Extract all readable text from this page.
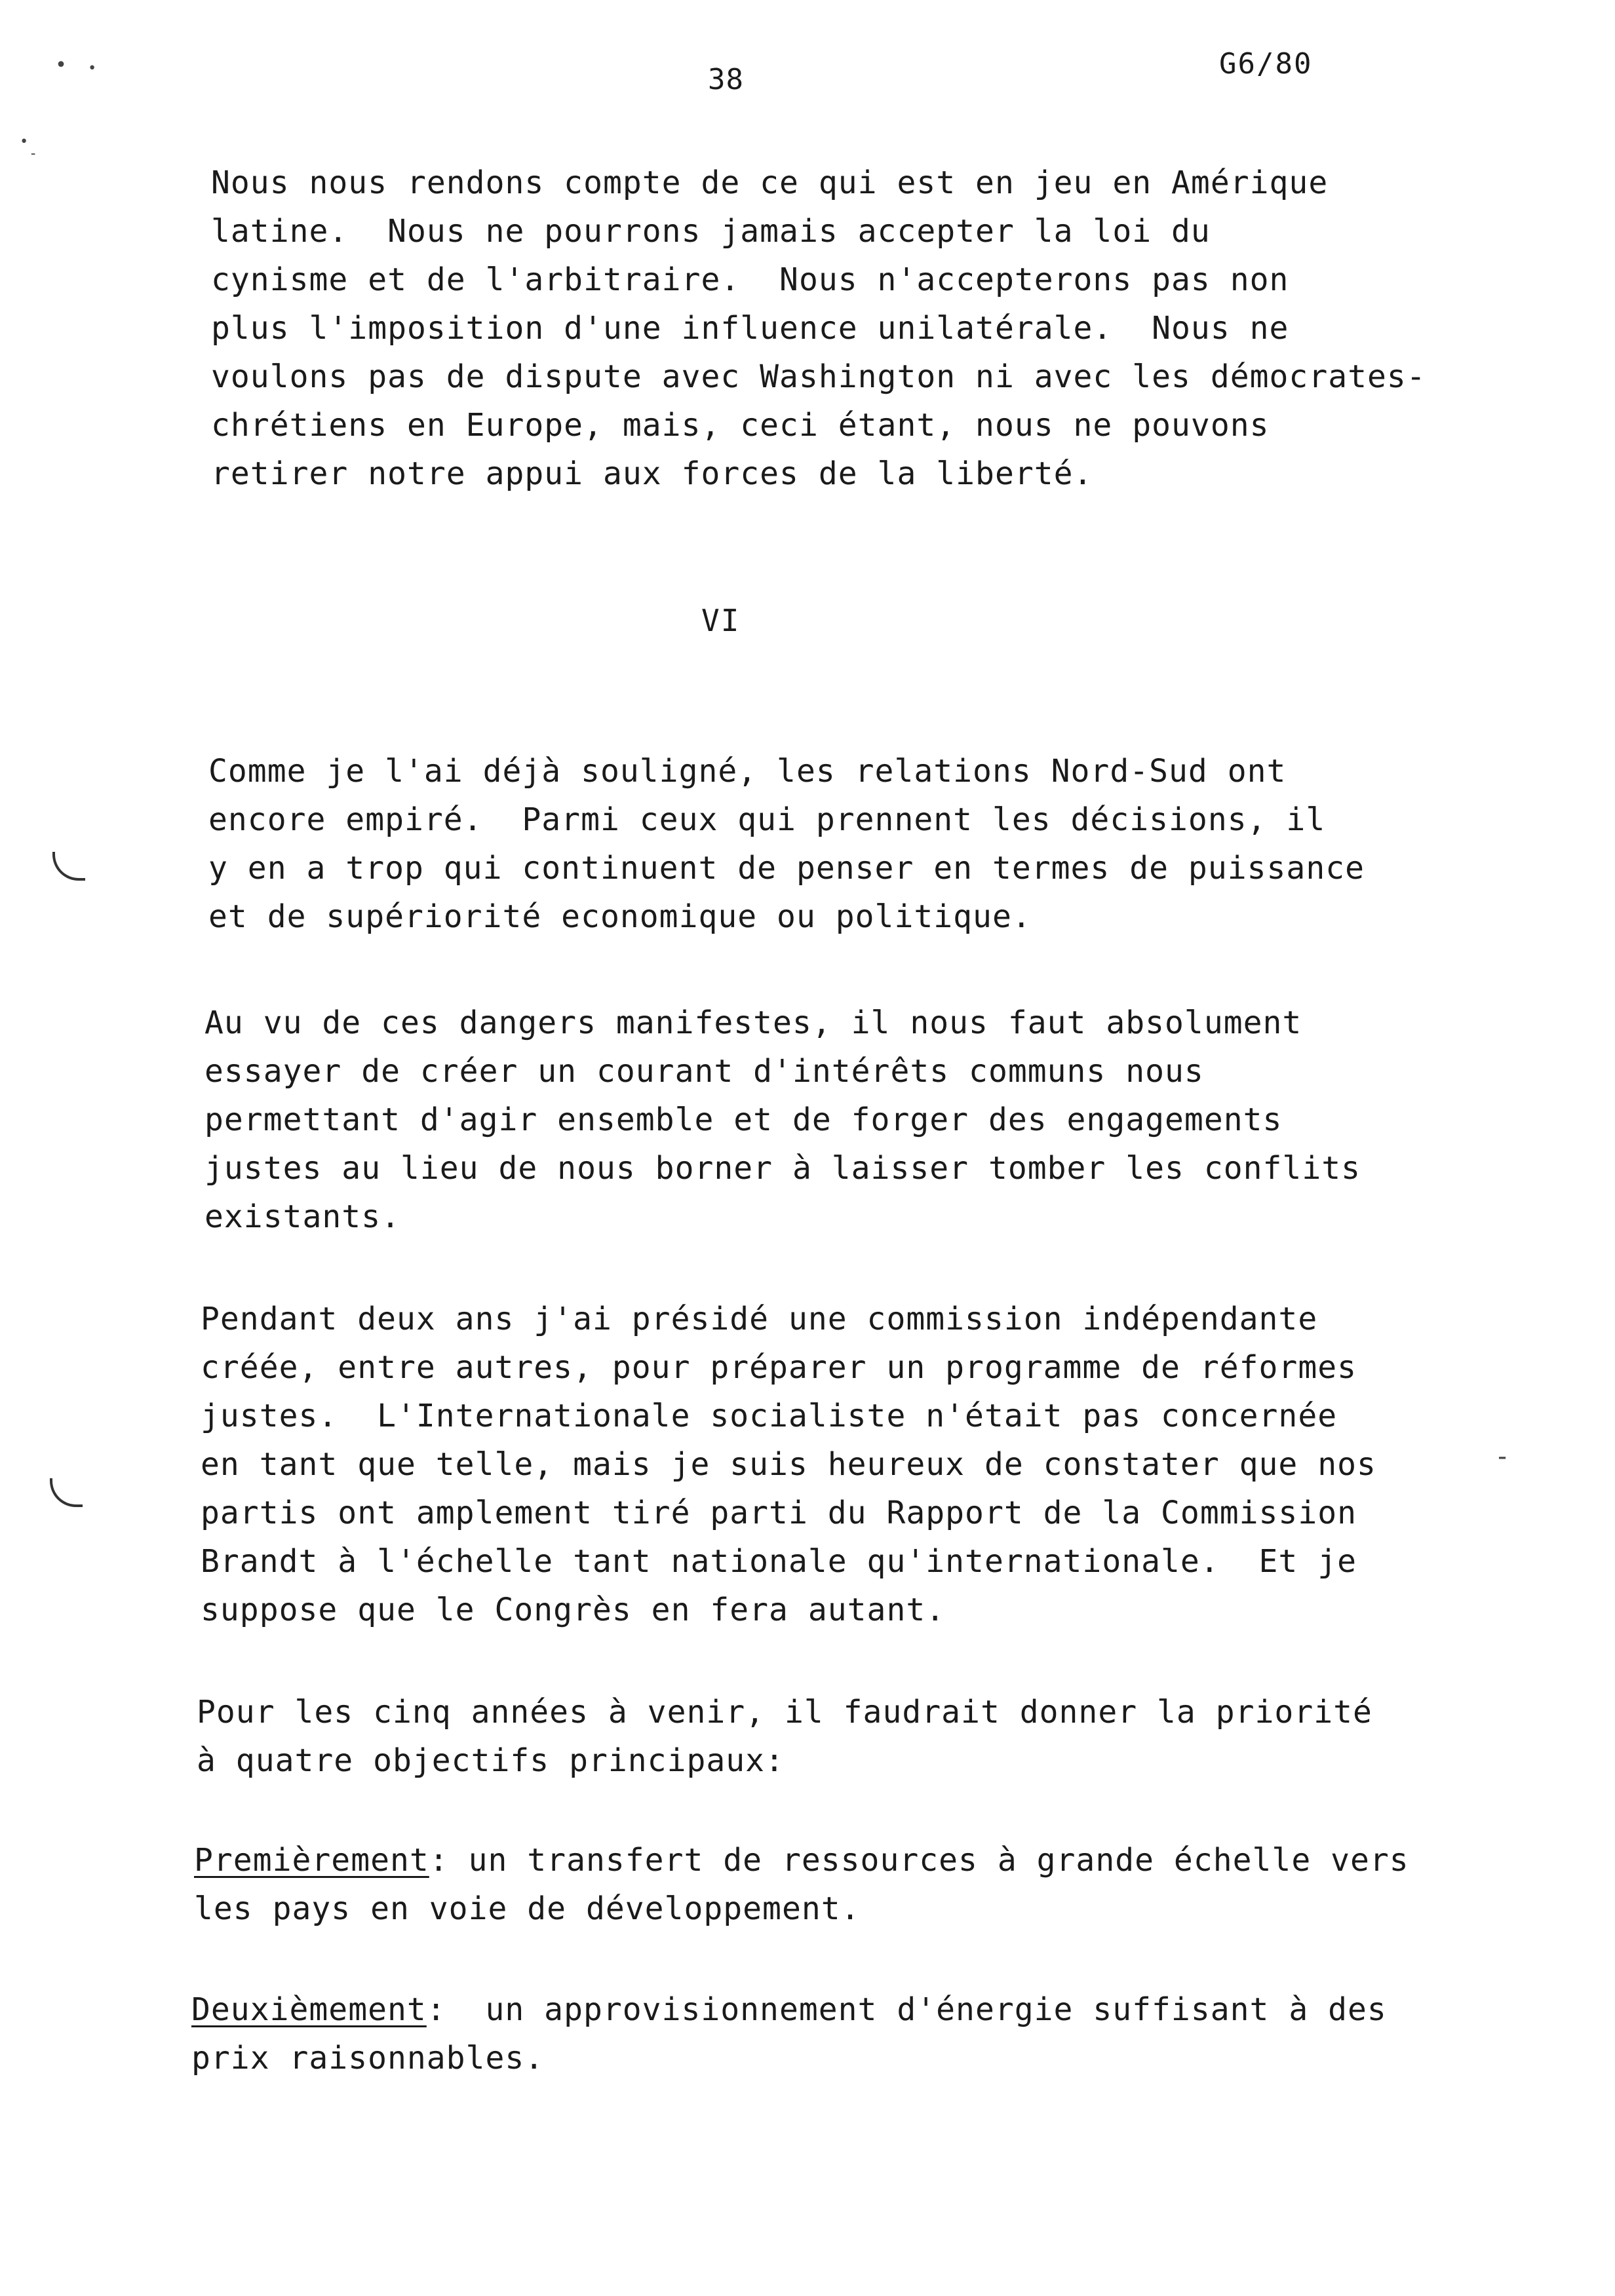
• •
•
-
-
38	G6/80

Nous nous rendons compte de ce qui est en jeu en Amérique
latine.  Nous ne pourrons jamais accepter la loi du
cynisme et de l'arbitraire.  Nous n'accepterons pas non
plus l'imposition d'une influence unilatérale.  Nous ne
voulons pas de dispute avec Washington ni avec les démocrates-
chrétiens en Europe, mais, ceci étant, nous ne pouvons
retirer notre appui aux forces de la liberté.

VI

Comme je l'ai déjà souligné, les relations Nord-Sud ont
encore empiré.  Parmi ceux qui prennent les décisions, il
y en a trop qui continuent de penser en termes de puissance
et de supériorité economique ou politique.

Au vu de ces dangers manifestes, il nous faut absolument
essayer de créer un courant d'intérêts communs nous
permettant d'agir ensemble et de forger des engagements
justes au lieu de nous borner à laisser tomber les conflits
existants.

Pendant deux ans j'ai présidé une commission indépendante
créée, entre autres, pour préparer un programme de réformes
justes.  L'Internationale socialiste n'était pas concernée
en tant que telle, mais je suis heureux de constater que nos
partis ont amplement tiré parti du Rapport de la Commission
Brandt à l'échelle tant nationale qu'internationale.  Et je
suppose que le Congrès en fera autant.

Pour les cinq années à venir, il faudrait donner la priorité
à quatre objectifs principaux:

Premièrement: un transfert de ressources à grande échelle vers
les pays en voie de développement.

Deuxièmement:  un approvisionnement d'énergie suffisant à des
prix raisonnables.
